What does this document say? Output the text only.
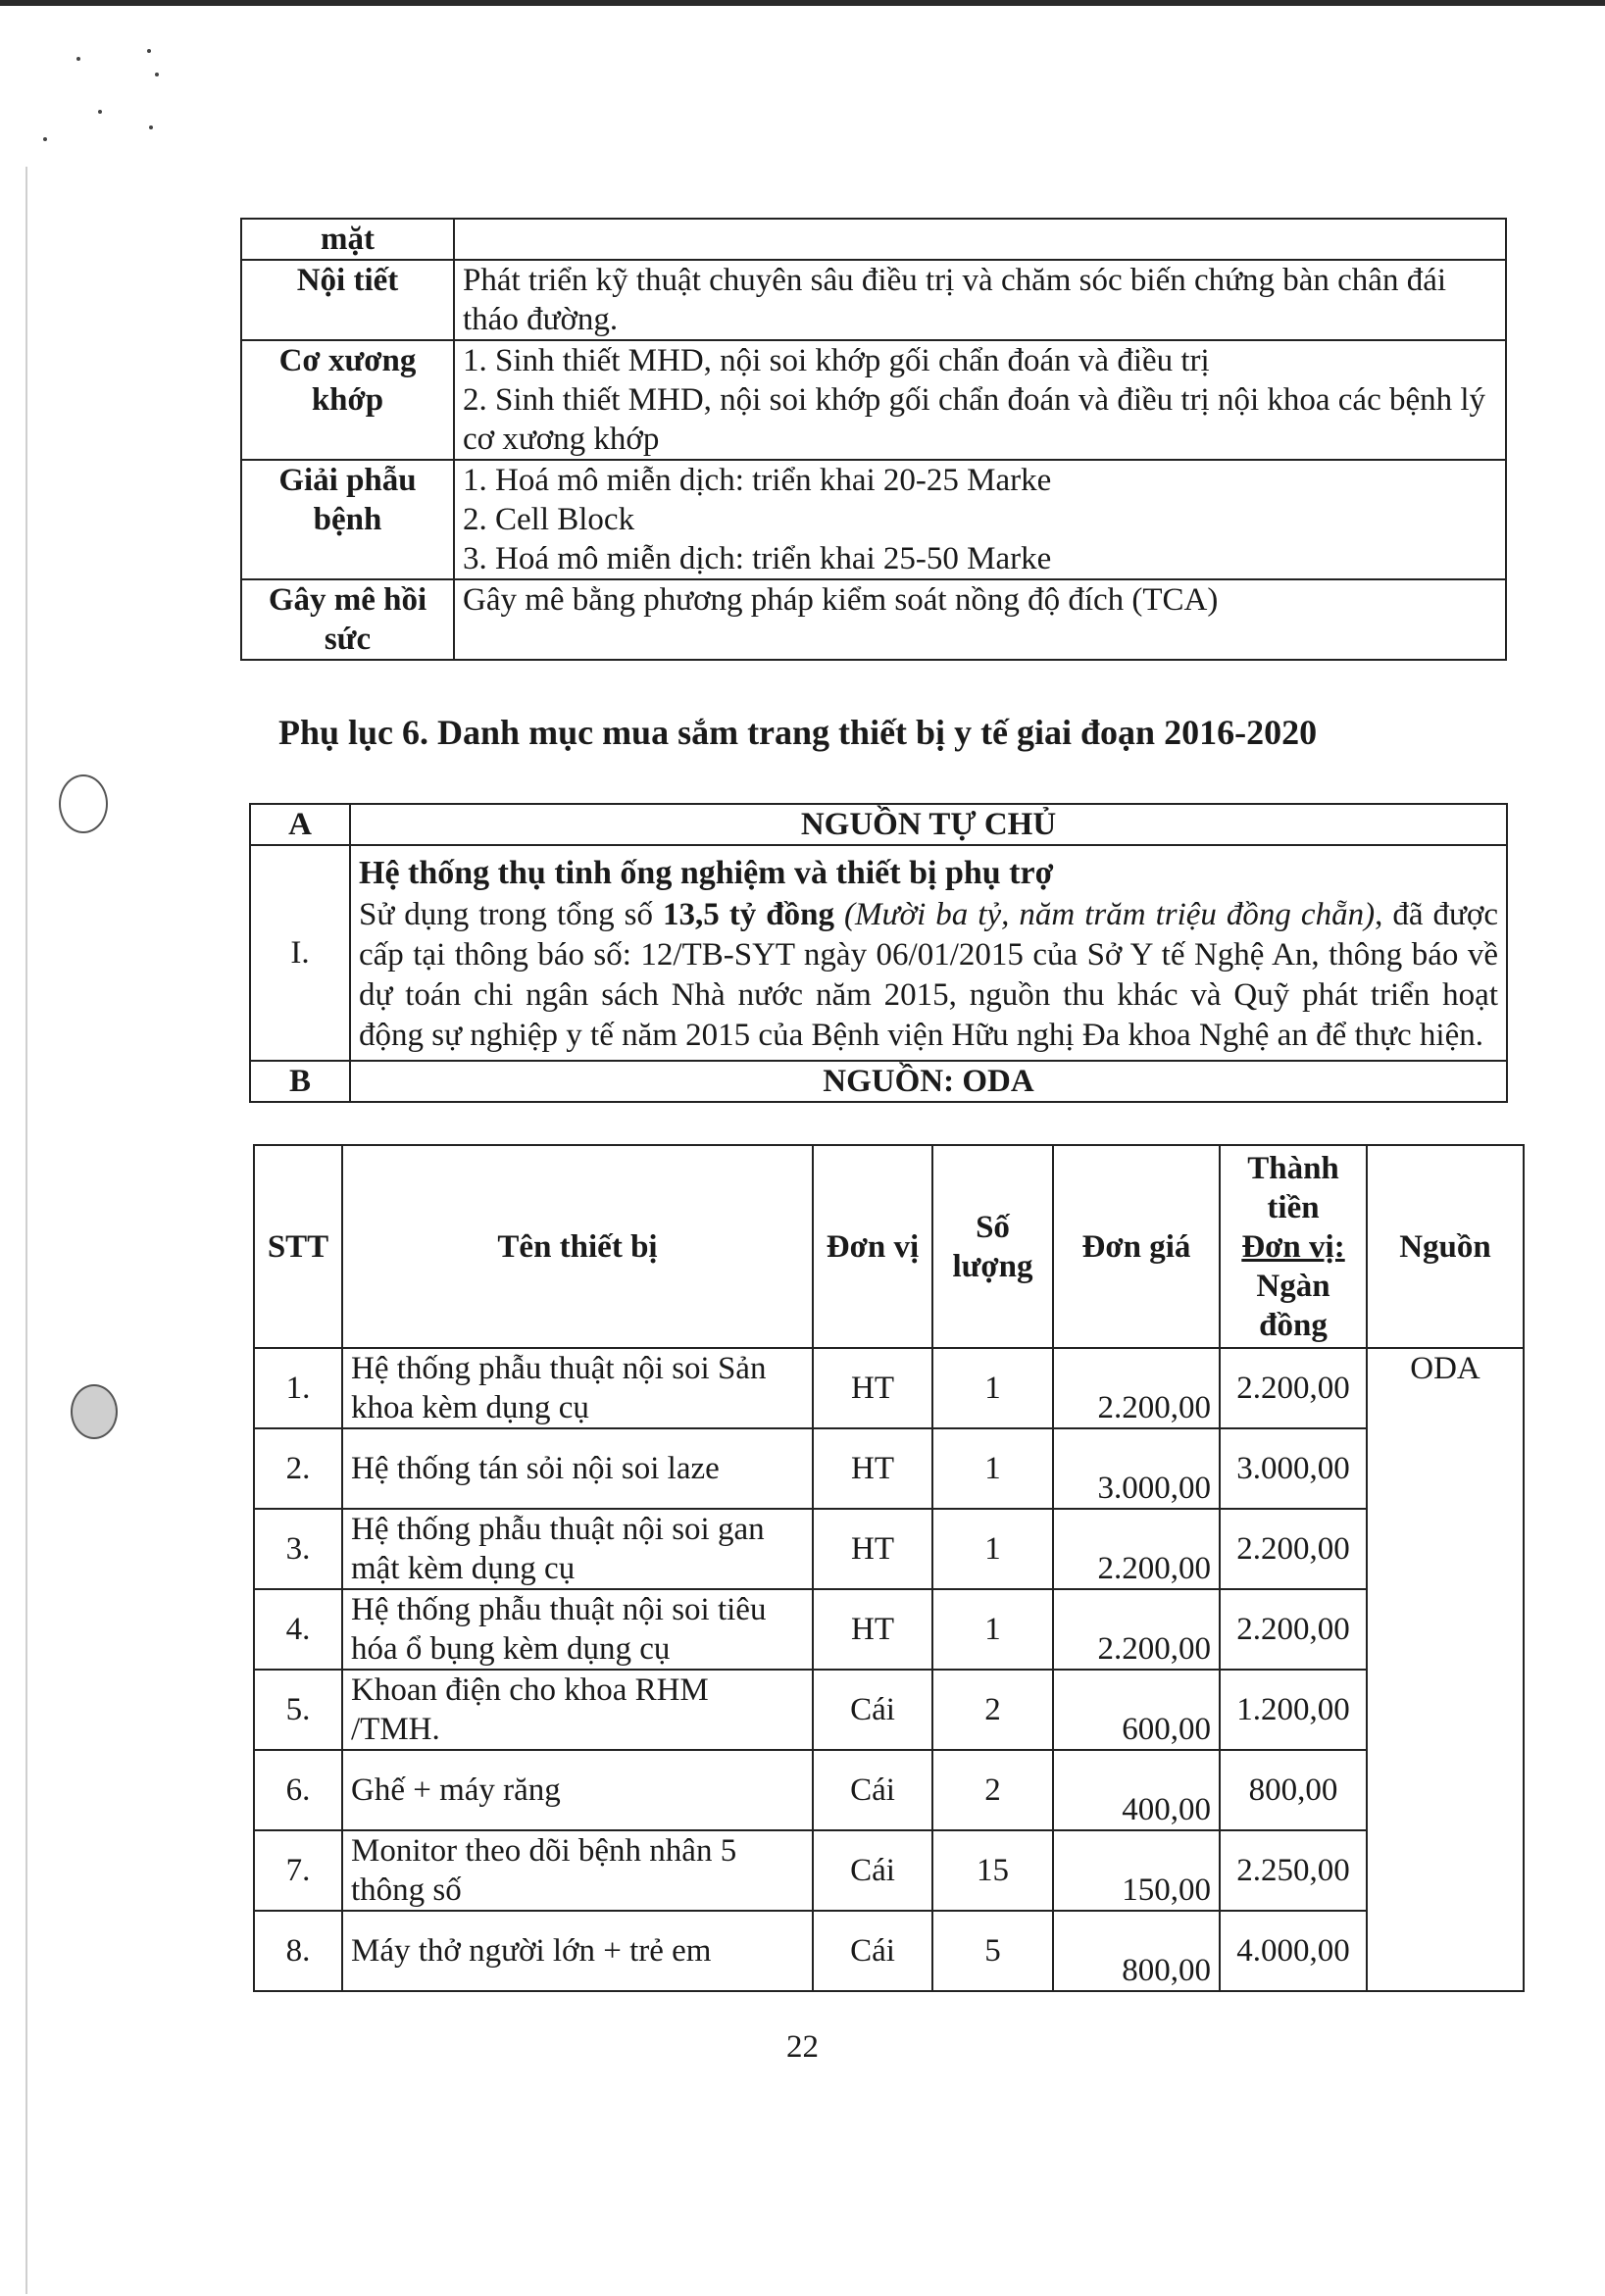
mặt	
Nội tiết	Phát triển kỹ thuật chuyên sâu điều trị và chăm sóc biến chứng bàn chân đái tháo đường.
Cơ xương khớp	1. Sinh thiết MHD, nội soi khớp gối chẩn đoán và điều trị
2. Sinh thiết MHD, nội soi khớp gối chẩn đoán và điều trị nội khoa các bệnh lý cơ xương khớp
Giải phẫu bệnh	1. Hoá mô miễn dịch: triển khai 20-25 Marke
2. Cell Block
3. Hoá mô miễn dịch: triển khai 25-50 Marke
Gây mê hồi sức	Gây mê bằng phương pháp kiểm soát nồng độ đích (TCA)
Phụ lục 6. Danh mục mua sắm trang thiết bị y tế giai đoạn 2016-2020
A	NGUỒN TỰ CHỦ
I.	Hệ thống thụ tinh ống nghiệm và thiết bị phụ trợ
Sử dụng trong tổng số 13,5 tỷ đồng (Mười ba tỷ, năm trăm triệu đồng chẵn), đã được cấp tại thông báo số: 12/TB-SYT ngày 06/01/2015 của Sở Y tế Nghệ An, thông báo về dự toán chi ngân sách Nhà nước năm 2015, nguồn thu khác và Quỹ phát triển hoạt động sự nghiệp y tế năm 2015 của Bệnh viện Hữu nghị Đa khoa Nghệ an để thực hiện.

B	NGUỒN: ODA
STT	Tên thiết bị	Đơn vị	Số lượng	Đơn giá	Thành tiền
Đơn vị:
Ngàn đồng	Nguồn
1.	Hệ thống phẫu thuật nội soi Sản khoa kèm dụng cụ	HT	1	2.200,00	2.200,00	ODA
2.	Hệ thống tán sỏi nội soi laze	HT	1	3.000,00	3.000,00	
3.	Hệ thống phẫu thuật nội soi gan mật kèm dụng cụ	HT	1	2.200,00	2.200,00	
4.	Hệ thống phẫu thuật nội soi tiêu hóa ổ bụng kèm dụng cụ	HT	1	2.200,00	2.200,00	
5.	Khoan điện cho khoa RHM /TMH.	Cái	2	600,00	1.200,00	
6.	Ghế + máy răng	Cái	2	400,00	800,00	
7.	Monitor theo dõi bệnh nhân 5 thông số	Cái	15	150,00	2.250,00	
8.	Máy thở người lớn + trẻ em	Cái	5	800,00	4.000,00	
22
